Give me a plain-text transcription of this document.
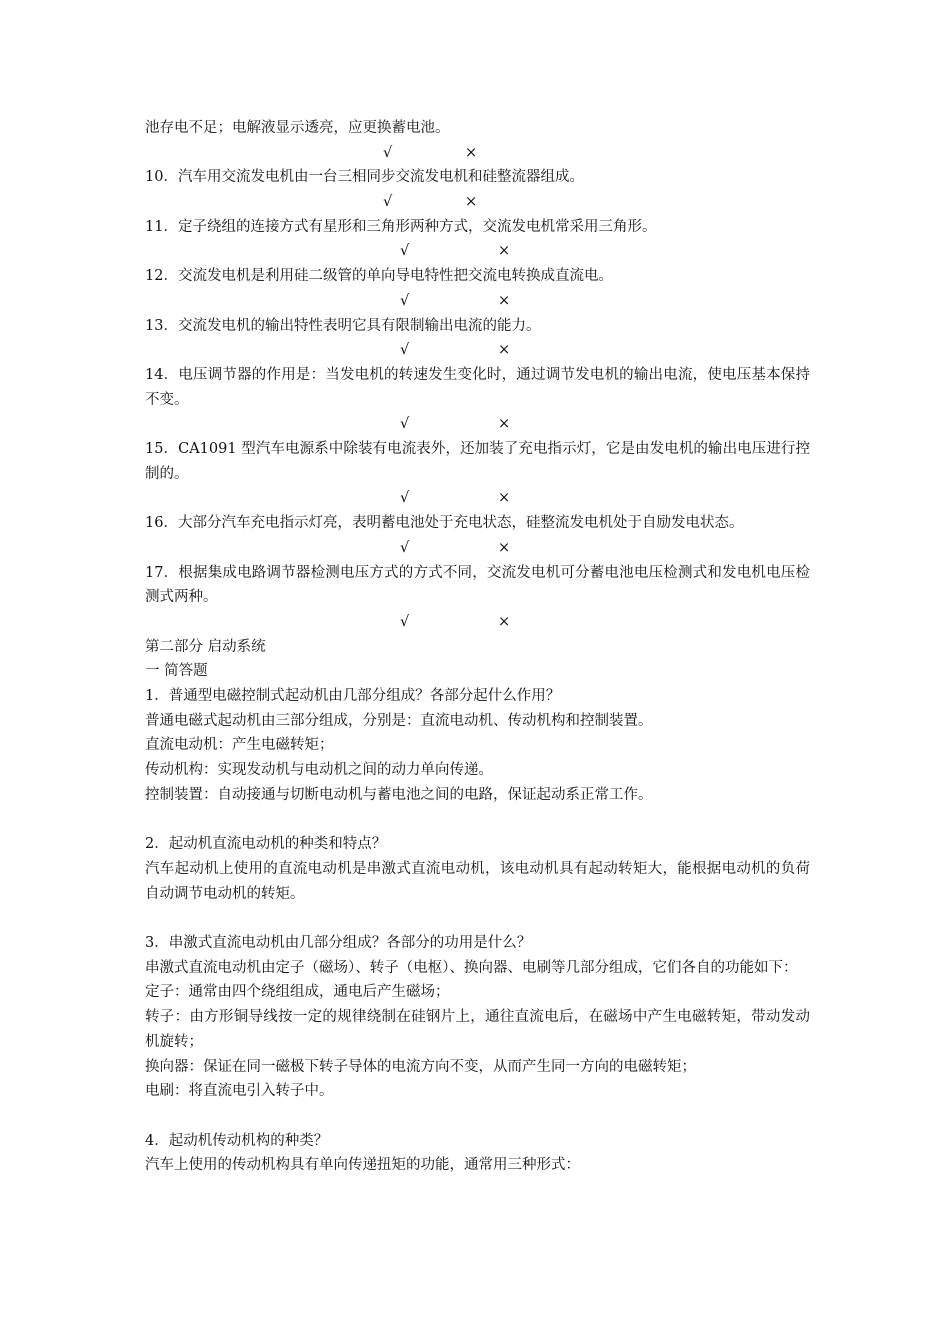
池存电不足；电解液显示透亮，应更换蓄电池。
√	×
10．汽车用交流发电机由一台三相同步交流发电机和硅整流器组成。
√	×
11．定子绕组的连接方式有星形和三角形两种方式，交流发电机常采用三角形。
√	×
12．交流发电机是利用硅二级管的单向导电特性把交流电转换成直流电。
√	×
13．交流发电机的输出特性表明它具有限制输出电流的能力。
√	×
14．电压调节器的作用是：当发电机的转速发生变化时，通过调节发电机的输出电流，使电压基本保持不变。
√	×
15．CA1091 型汽车电源系中除装有电流表外，还加装了充电指示灯，它是由发电机的输出电压进行控制的。
√	×
16．大部分汽车充电指示灯亮，表明蓄电池处于充电状态，硅整流发电机处于自励发电状态。
√	×
17．根据集成电路调节器检测电压方式的方式不同，交流发电机可分蓄电池电压检测式和发电机电压检测式两种。
√	×
第二部分 启动系统
一 简答题
1．普通型电磁控制式起动机由几部分组成？各部分起什么作用？
普通电磁式起动机由三部分组成，分别是：直流电动机、传动机构和控制装置。
直流电动机：产生电磁转矩；
传动机构：实现发动机与电动机之间的动力单向传递。
控制装置：自动接通与切断电动机与蓄电池之间的电路，保证起动系正常工作。
2．起动机直流电动机的种类和特点？
汽车起动机上使用的直流电动机是串激式直流电动机，该电动机具有起动转矩大，能根据电动机的负荷自动调节电动机的转矩。
3．串激式直流电动机由几部分组成？各部分的功用是什么？
串激式直流电动机由定子（磁场）、转子（电枢）、换向器、电刷等几部分组成，它们各自的功能如下：
定子：通常由四个绕组组成，通电后产生磁场；
转子：由方形铜导线按一定的规律绕制在硅钢片上，通往直流电后，在磁场中产生电磁转矩，带动发动机旋转；
换向器：保证在同一磁极下转子导体的电流方向不变，从而产生同一方向的电磁转矩；
电刷：将直流电引入转子中。
4．起动机传动机构的种类？
汽车上使用的传动机构具有单向传递扭矩的功能，通常用三种形式：
